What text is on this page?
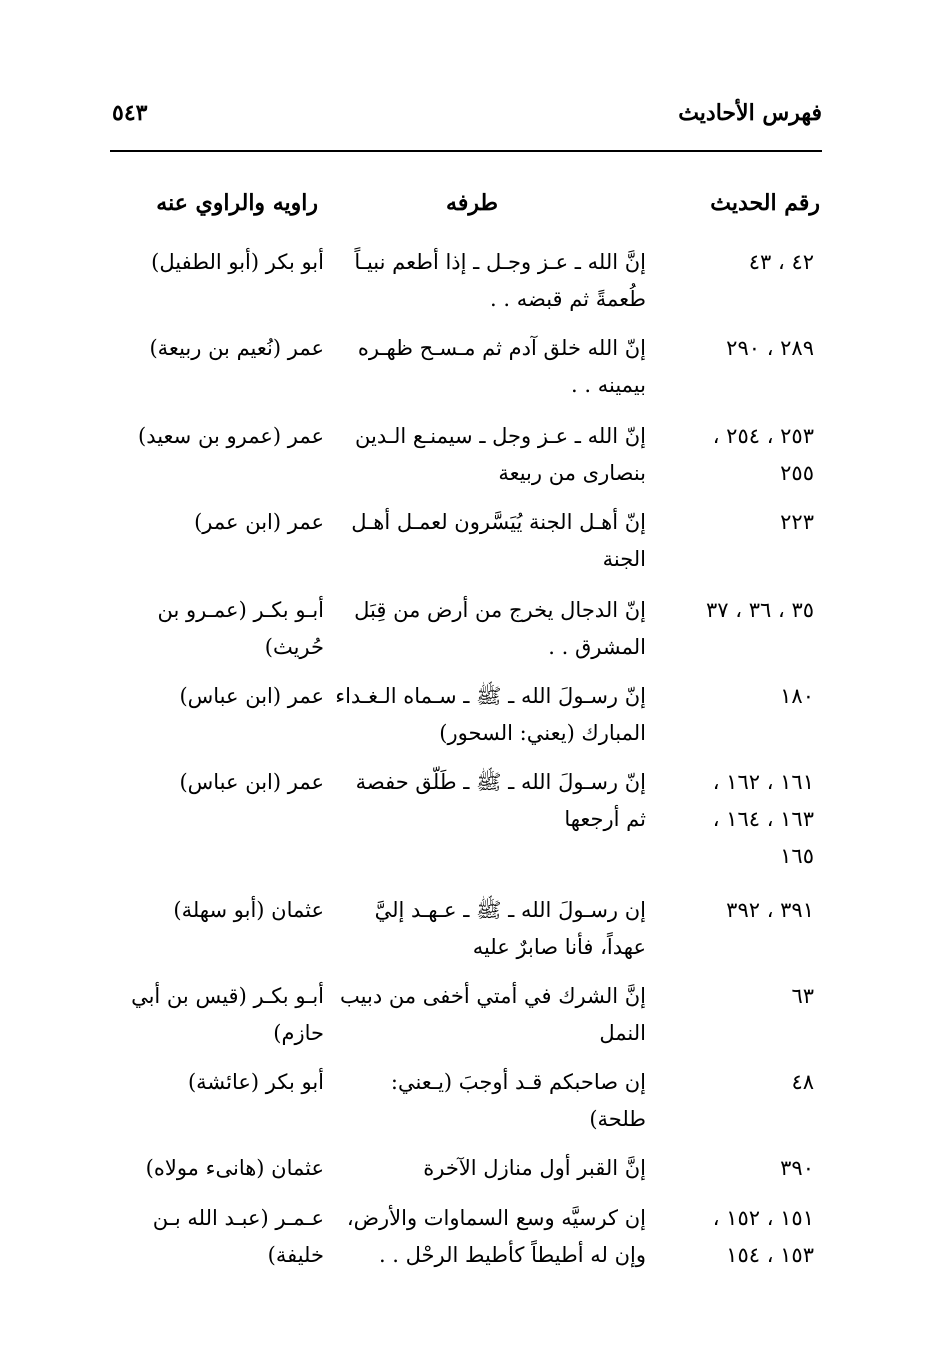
فهرس الأحاديث
٥٤٣
رقم الحديث
طرفه
راويه والراوي عنه
٤٢ ، ٤٣
إنَّ الله ـ عـز وجـل ـ إذا أطعم نبيـاً
طُعمةً ثم قبضه . .
أبو بكر (أبو الطفيل)
٢٨٩ ، ٢٩٠
إنّ الله خلق آدم ثم مـسـح ظهـره
بيمينه . .
عمر (نُعيم بن ربيعة)
٢٥٣ ، ٢٥٤ ،
٢٥٥
إنّ الله ـ عـز وجل ـ سيمنـع الـدين
بنصارى من ربيعة
عمر (عمرو بن سعيد)
٢٢٣
إنّ أهـل الجنة يُيَسَّرون لعمـل أهـل
الجنة
عمر (ابن عمر)
٣٥ ، ٣٦ ، ٣٧
إنّ الدجال يخرج من أرض من قِبَل
المشرق . .
أبـو بكـر (عمـرو بن
حُريث)
١٨٠
إنّ رسـولَ الله ـ ﷺ ـ سـماه الـغـداء
المبارك (يعني: السحور)
عمر (ابن عباس)
١٦١ ، ١٦٢ ،
١٦٣ ، ١٦٤ ،
١٦٥
إنّ رسـولَ الله ـ ﷺ ـ طَلّق حفصة
ثم أرجعها
عمر (ابن عباس)
٣٩١ ، ٣٩٢
إن رسـولَ الله ـ ﷺ ـ عـهـد إليَّ
عهداً، فأنا صابرٌ عليه
عثمان (أبو سهلة)
٦٣
إنَّ الشرك في أمتي أخفى من دبيب
النمل
أبـو بكـر (قيس بن أبي
حازم)
٤٨
إن صاحبكم قـد أوجبَ (يـعني:
طلحة)
أبو بكر (عائشة)
٣٩٠
إنَّ القبر أول منازل الآخرة
عثمان (هانىء مولاه)
١٥١ ، ١٥٢ ،
١٥٣ ، ١٥٤
إن كرسيَّه وسع السماوات والأرض،
وإن له أطيطاً كأطيط الرحْل . .
عـمـر (عبـد الله بـن
خليفة)
